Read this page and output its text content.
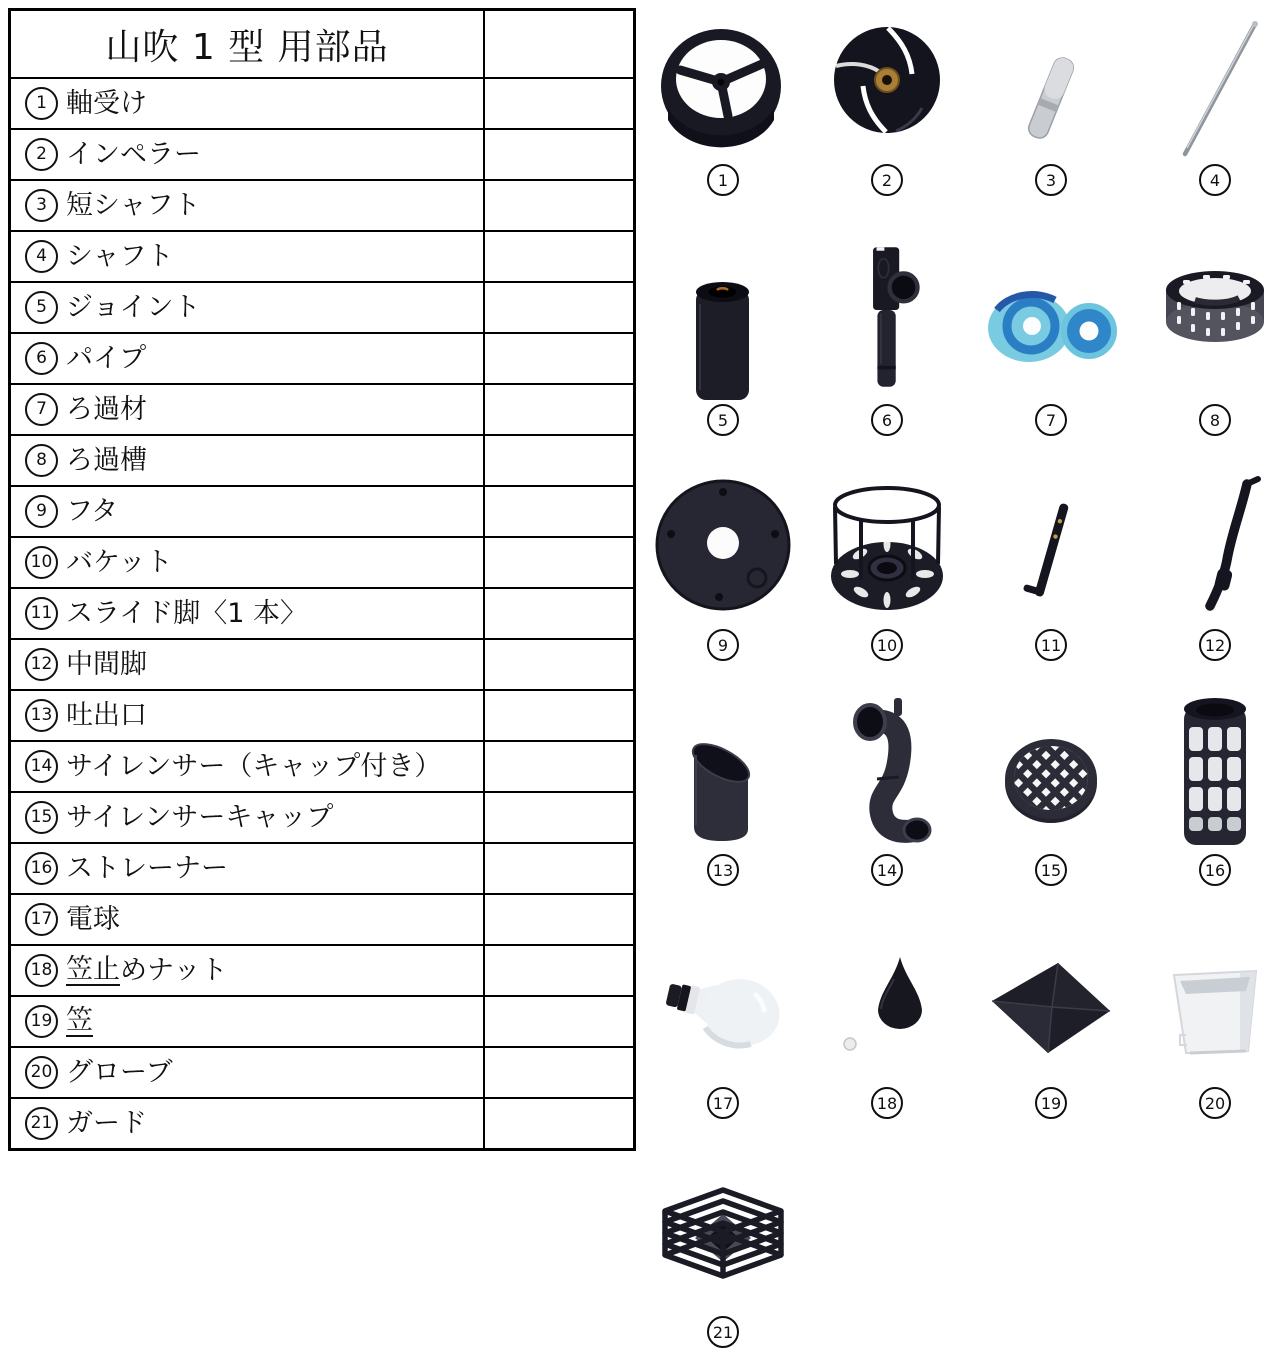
山吹 1 型 用部品	

1 軸受け	

2 インペラー	

3 短シャフト	

4 シャフト	

5 ジョイント	

6 パイプ	

7 ろ過材	

8 ろ過槽	

9 フタ	

10 バケット	

11 スライド脚〈1 本〉	

12 中間脚	

13 吐出口	

14 サイレンサー（キャップ付き）	

15 サイレンサーキャップ	

16 ストレーナー	

17 電球	

18 笠止 めナット	

19 笠	

20 グローブ	

21 ガード	

1	2	3	4
5	6	7	8
9	10	11	12
13	14	15	16
17	18	19	20
21
